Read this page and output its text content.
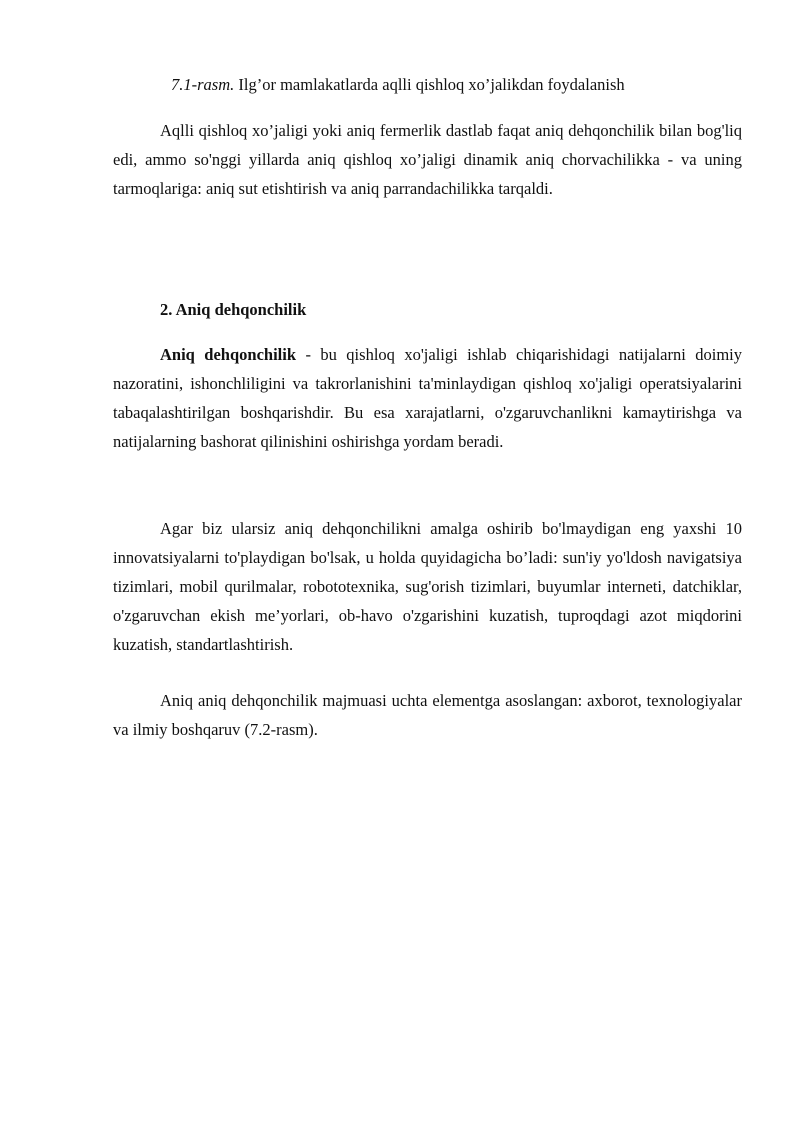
7.1-rasm. Ilg’or mamlakatlarda aqlli qishloq xo’jalikdan foydalanish

Aqlli qishloq xo’jaligi yoki aniq fermerlik dastlab faqat aniq dehqonchilik bilan bog'liq edi, ammo so'nggi yillarda aniq qishloq xo’jaligi dinamik aniq chorvachilikka - va uning tarmoqlariga: aniq sut etishtirish va aniq parrandachilikka tarqaldi.

2. Aniq dehqonchilik

Aniq dehqonchilik - bu qishloq xo'jaligi ishlab chiqarishidagi natijalarni doimiy nazoratini, ishonchliligini va takrorlanishini ta'minlaydigan qishloq xo'jaligi operatsiyalarini tabaqalashtirilgan boshqarishdir. Bu esa xarajatlarni, o'zgaruvchanlikni kamaytirishga va natijalarning bashorat qilinishini oshirishga yordam beradi.

Agar biz ularsiz aniq dehqonchilikni amalga oshirib bo'lmaydigan eng yaxshi 10 innovatsiyalarni to'playdigan bo'lsak, u holda quyidagicha bo’ladi: sun'iy yo'ldosh navigatsiya tizimlari, mobil qurilmalar, robototexnika, sug'orish tizimlari, buyumlar interneti, datchiklar, o'zgaruvchan ekish me’yorlari, ob-havo o'zgarishini kuzatish, tuproqdagi azot miqdorini kuzatish, standartlashtirish.

Aniq aniq dehqonchilik majmuasi uchta elementga asoslangan: axborot, texnologiyalar va ilmiy boshqaruv (7.2-rasm).
